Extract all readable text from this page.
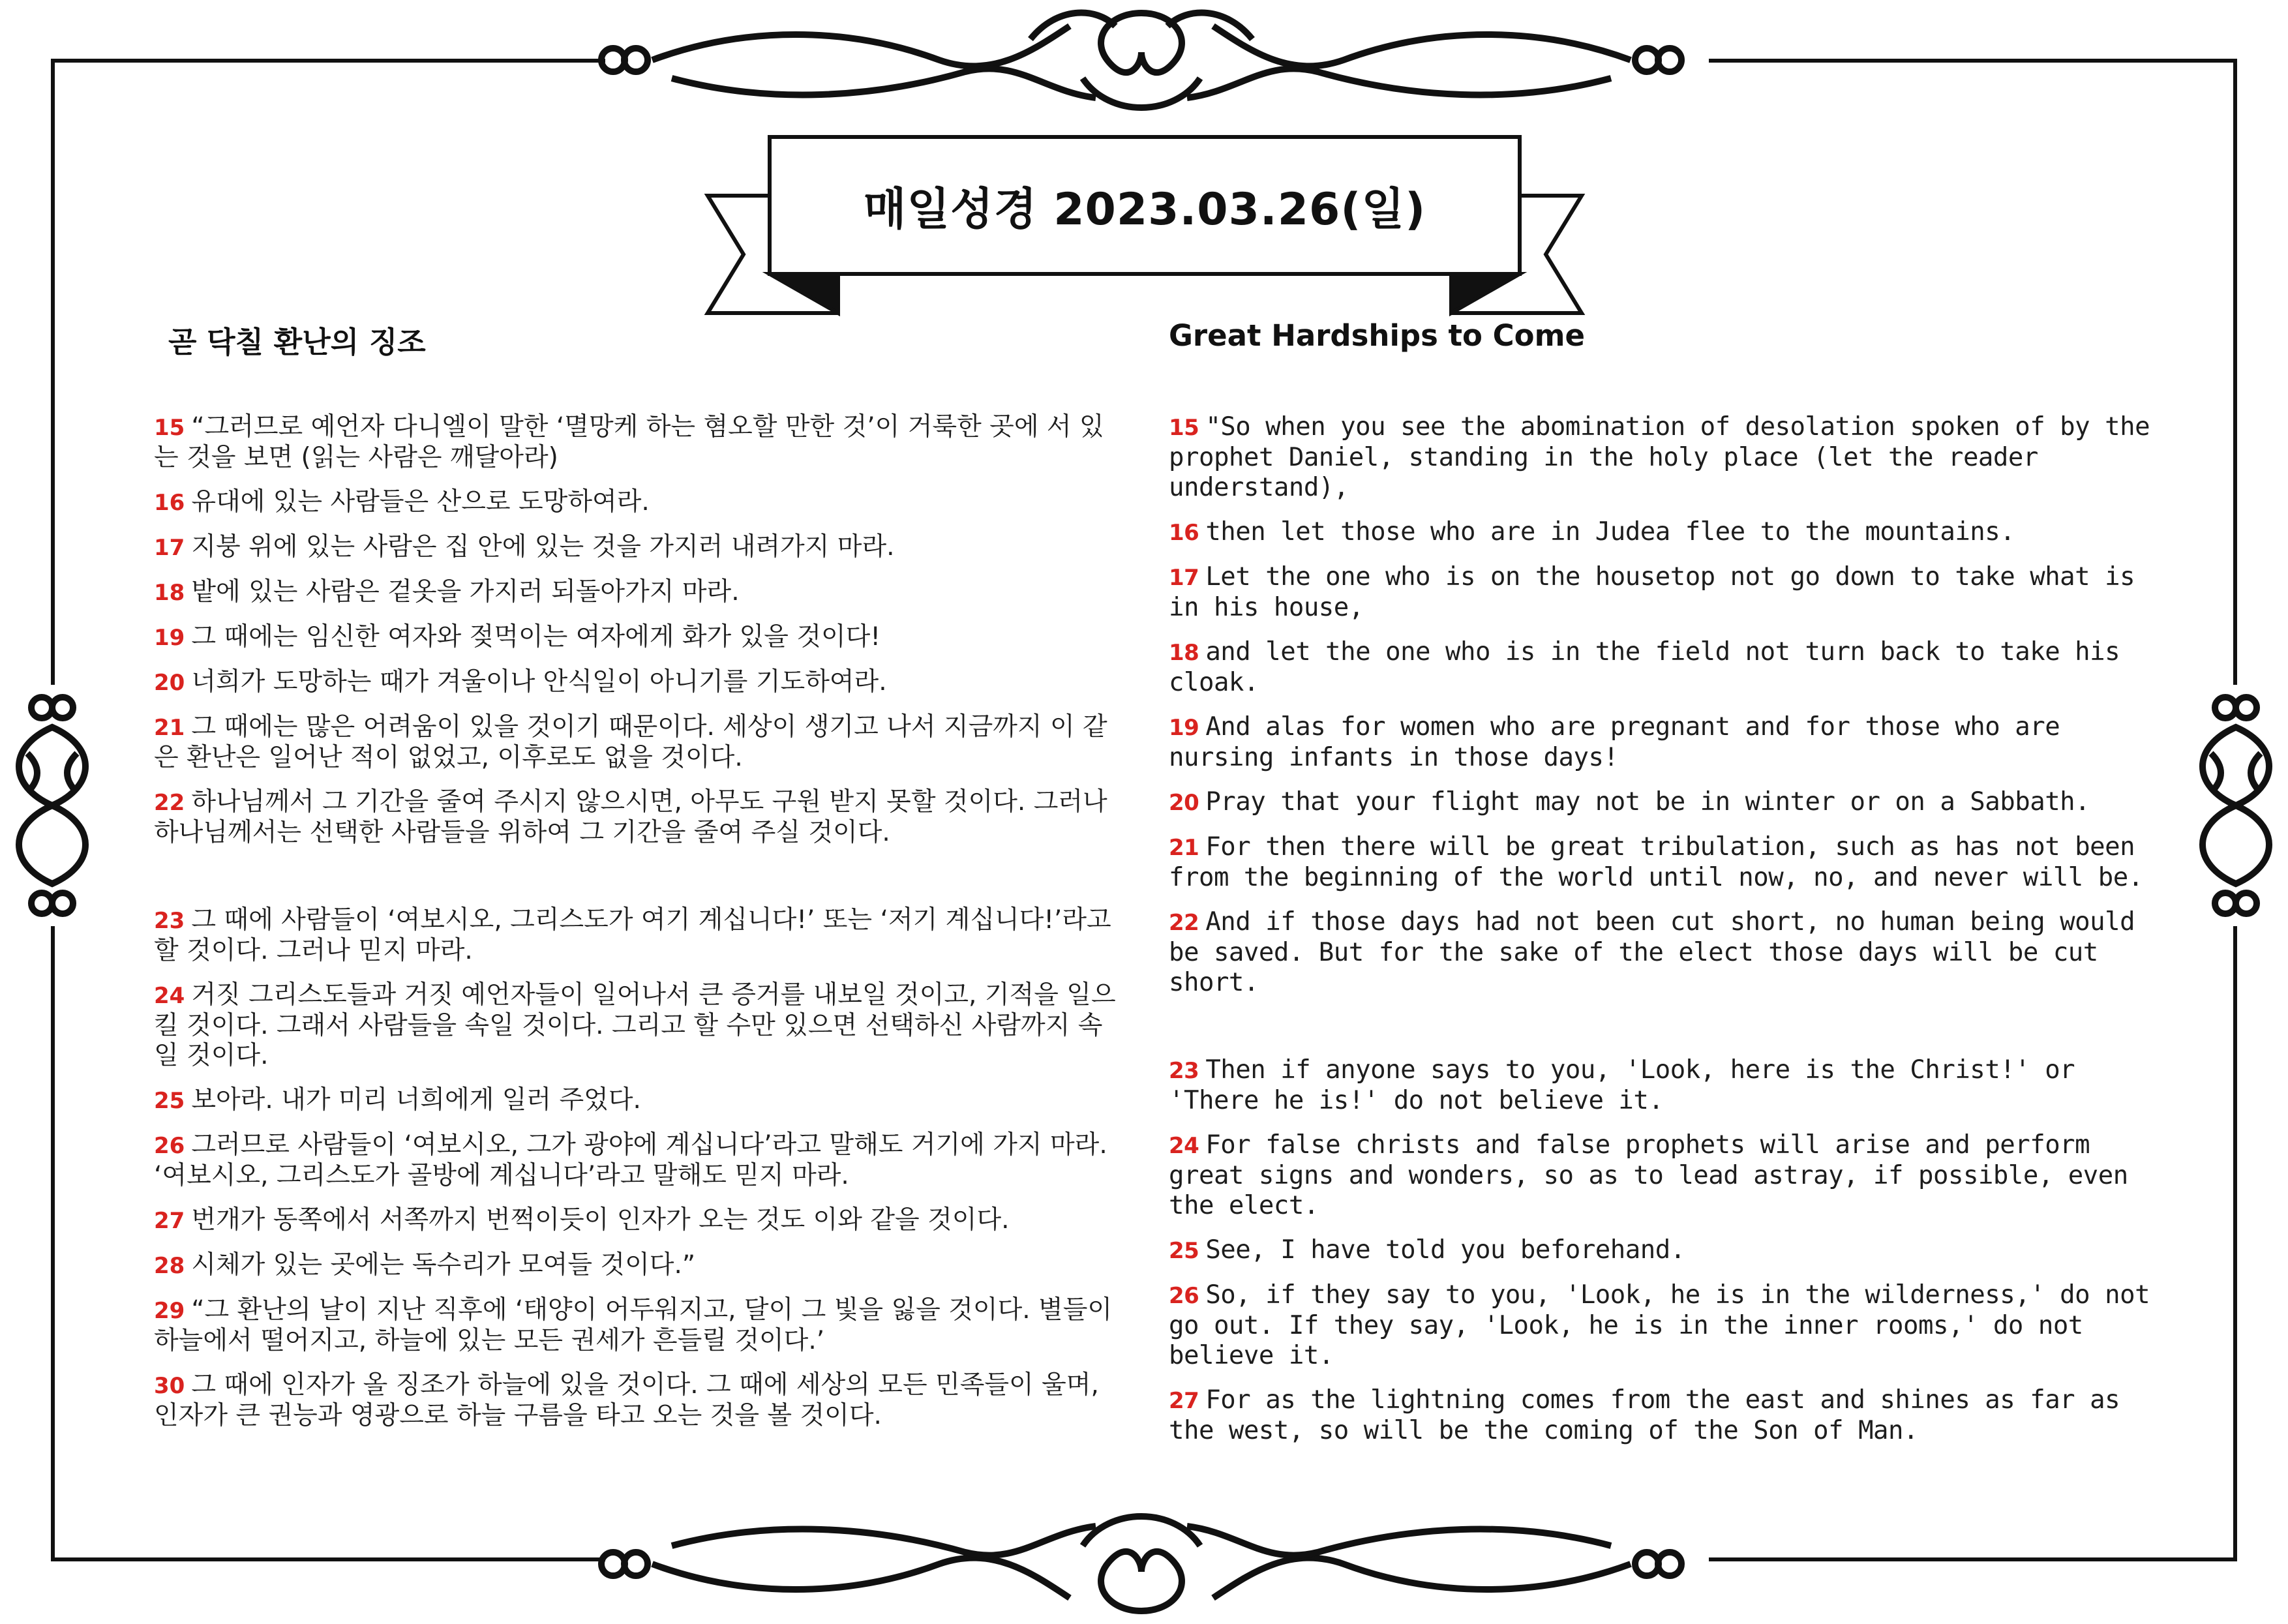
매일성경 2023.03.26(일)
곧 닥칠 환난의 징조	Great Hardships to Come

15 “그러므로 예언자 다니엘이 말한 ‘멸망케 하는 혐오할 만한 것’이 거룩한 곳에 서 있는 것을 보면 (읽는 사람은 깨달아라)

16 유대에 있는 사람들은 산으로 도망하여라.

17 지붕 위에 있는 사람은 집 안에 있는 것을 가지러 내려가지 마라.

18 밭에 있는 사람은 겉옷을 가지러 되돌아가지 마라.

19 그 때에는 임신한 여자와 젖먹이는 여자에게 화가 있을 것이다!

20 너희가 도망하는 때가 겨울이나 안식일이 아니기를 기도하여라.

21 그 때에는 많은 어려움이 있을 것이기 때문이다. 세상이 생기고 나서 지금까지 이 같은 환난은 일어난 적이 없었고, 이후로도 없을 것이다.

22 하나님께서 그 기간을 줄여 주시지 않으시면, 아무도 구원 받지 못할 것이다. 그러나 하나님께서는 선택한 사람들을 위하여 그 기간을 줄여 주실 것이다.

23 그 때에 사람들이 ‘여보시오, 그리스도가 여기 계십니다!’ 또는 ‘저기 계십니다!’라고 할 것이다. 그러나 믿지 마라.

24 거짓 그리스도들과 거짓 예언자들이 일어나서 큰 증거를 내보일 것이고, 기적을 일으킬 것이다. 그래서 사람들을 속일 것이다. 그리고 할 수만 있으면 선택하신 사람까지 속일 것이다.

25 보아라. 내가 미리 너희에게 일러 주었다.

26 그러므로 사람들이 ‘여보시오, 그가 광야에 계십니다’라고 말해도 거기에 가지 마라. ‘여보시오, 그리스도가 골방에 계십니다’라고 말해도 믿지 마라.

27 번개가 동쪽에서 서쪽까지 번쩍이듯이 인자가 오는 것도 이와 같을 것이다.

28 시체가 있는 곳에는 독수리가 모여들 것이다.”

29 “그 환난의 날이 지난 직후에 ‘태양이 어두워지고, 달이 그 빛을 잃을 것이다. 별들이 하늘에서 떨어지고, 하늘에 있는 모든 권세가 흔들릴 것이다.’

30 그 때에 인자가 올 징조가 하늘에 있을 것이다. 그 때에 세상의 모든 민족들이 울며, 인자가 큰 권능과 영광으로 하늘 구름을 타고 오는 것을 볼 것이다.

15 "So when you see the abomination of desolation spoken of by the prophet Daniel, standing in the holy place (let the reader understand),

16 then let those who are in Judea flee to the mountains.

17 Let the one who is on the housetop not go down to take what is in his house,

18 and let the one who is in the field not turn back to take his cloak.

19 And alas for women who are pregnant and for those who are nursing infants in those days!

20 Pray that your flight may not be in winter or on a Sabbath.

21 For then there will be great tribulation, such as has not been from the beginning of the world until now, no, and never will be.

22 And if those days had not been cut short, no human being would be saved. But for the sake of the elect those days will be cut short.

23 Then if anyone says to you, 'Look, here is the Christ!' or 'There he is!' do not believe it.

24 For false christs and false prophets will arise and perform great signs and wonders, so as to lead astray, if possible, even the elect.

25 See, I have told you beforehand.

26 So, if they say to you, 'Look, he is in the wilderness,' do not go out. If they say, 'Look, he is in the inner rooms,' do not believe it.

27 For as the lightning comes from the east and shines as far as the west, so will be the coming of the Son of Man.
